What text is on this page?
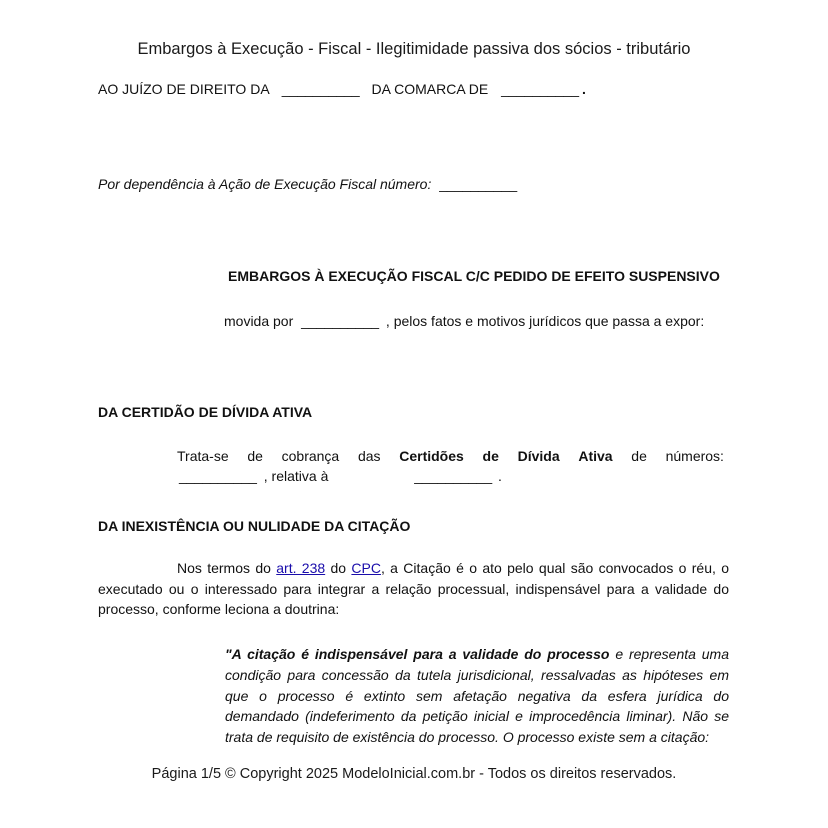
Embargos à Execução - Fiscal - Ilegitimidade passiva dos sócios - tributário
AO JUÍZO DE DIREITO DA __________ DA COMARCA DE __________ .
Por dependência à Ação de Execução Fiscal número: __________
EMBARGOS À EXECUÇÃO FISCAL C/C PEDIDO DE EFEITO SUSPENSIVO
movida por __________ , pelos fatos e motivos jurídicos que passa a expor:
DA CERTIDÃO DE DÍVIDA ATIVA
Trata-se de cobrança das Certidões de Dívida Ativa de números:
__________ , relativa à	__________ .
DA INEXISTÊNCIA OU NULIDADE DA CITAÇÃO
Nos termos do art. 238 do CPC, a Citação é o ato pelo qual são convocados o réu, o executado ou o interessado para integrar a relação processual, indispensável para a validade do processo, conforme leciona a doutrina:
"A citação é indispensável para a validade do processo e representa uma condição para concessão da tutela jurisdicional, ressalvadas as hipóteses em que o processo é extinto sem afetação negativa da esfera jurídica do demandado (indeferimento da petição inicial e improcedência liminar). Não se trata de requisito de existência do processo. O processo existe sem a citação:
Página 1/5 © Copyright 2025 ModeloInicial.com.br - Todos os direitos reservados.
